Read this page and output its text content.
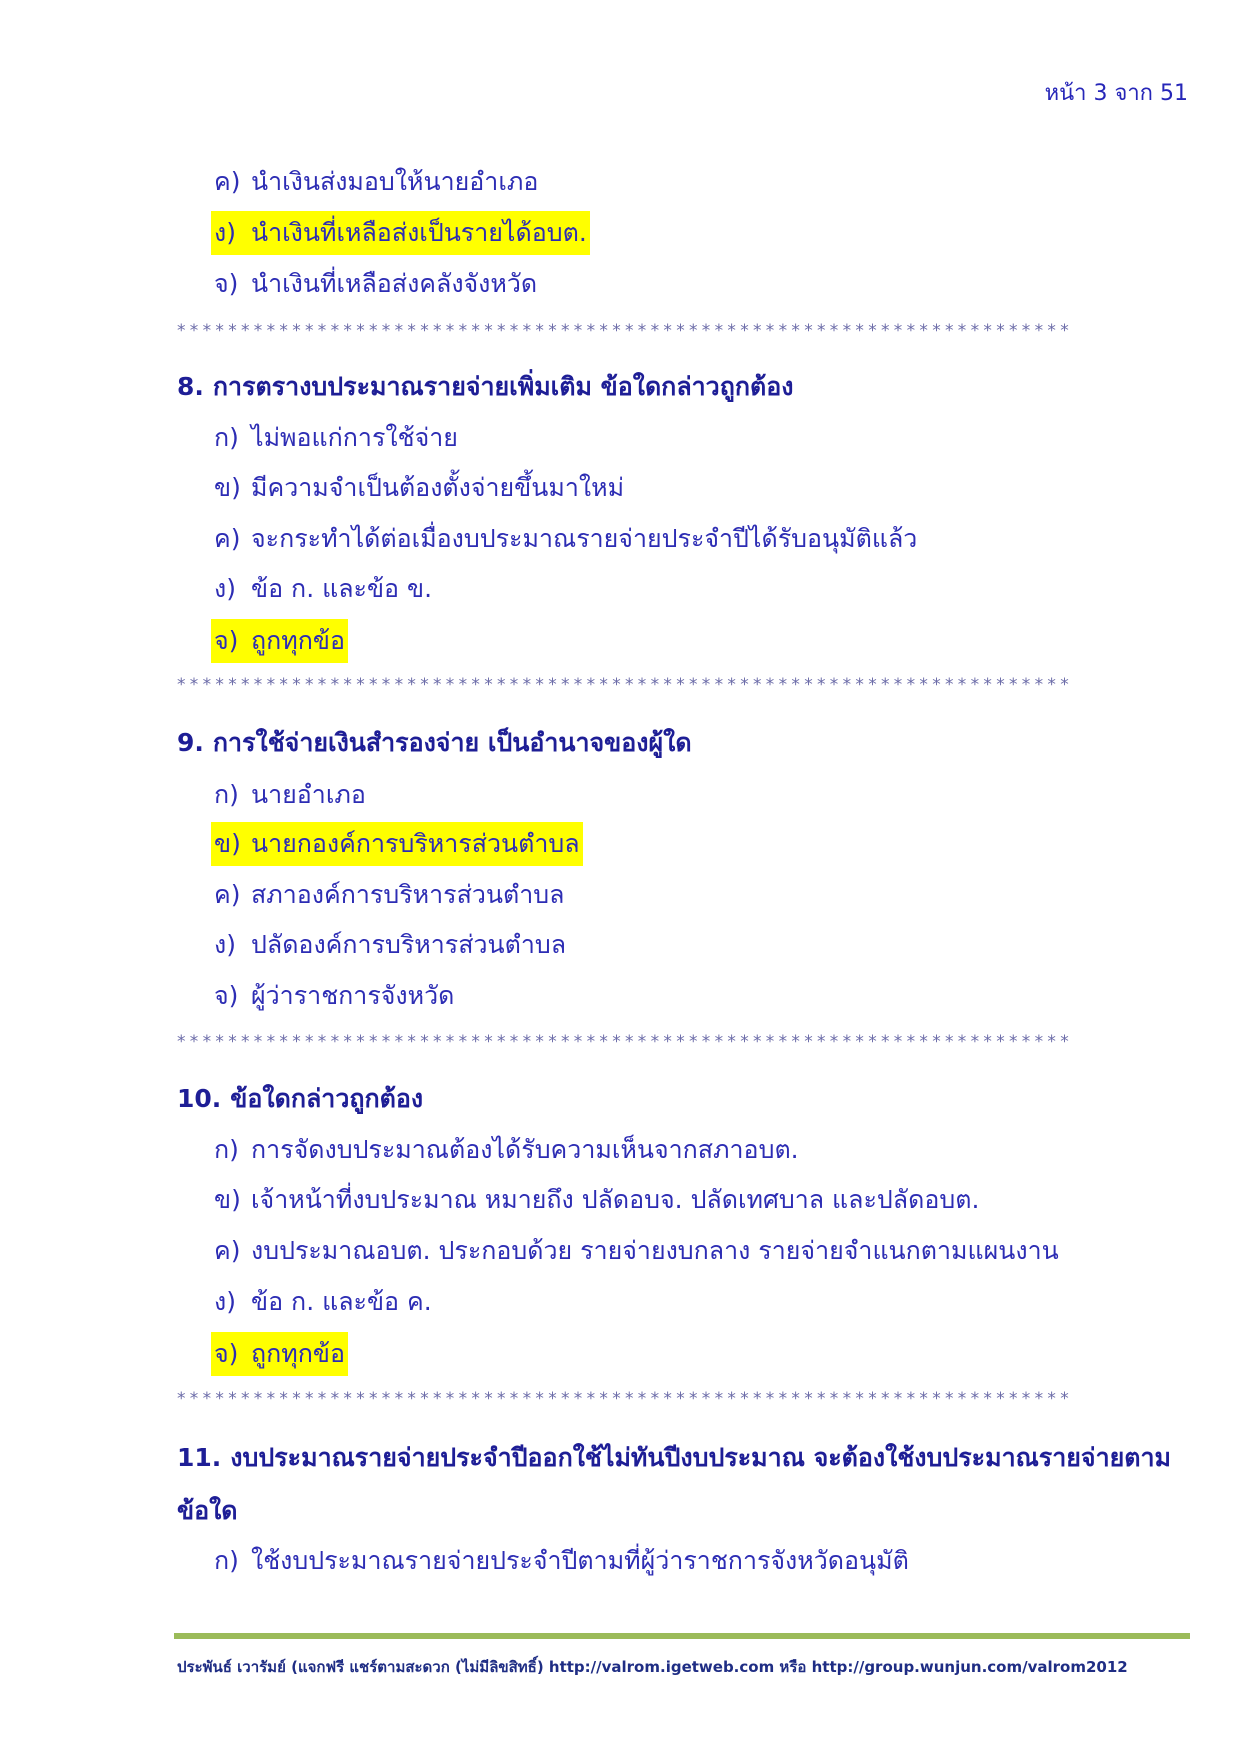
หน้า 3 จาก 51
ค) นำเงินส่งมอบให้นายอำเภอ
ง) นำเงินที่เหลือส่งเป็นรายได้อบต.
จ) นำเงินที่เหลือส่งคลังจังหวัด
**********************************************************************
8. การตรางบประมาณรายจ่ายเพิ่มเติม ข้อใดกล่าวถูกต้อง
ก) ไม่พอแก่การใช้จ่าย
ข) มีความจำเป็นต้องตั้งจ่ายขึ้นมาใหม่
ค) จะกระทำได้ต่อเมื่องบประมาณรายจ่ายประจำปีได้รับอนุมัติแล้ว
ง) ข้อ ก. และข้อ ข.
จ) ถูกทุกข้อ
**********************************************************************
9. การใช้จ่ายเงินสำรองจ่าย เป็นอำนาจของผู้ใด
ก) นายอำเภอ
ข) นายกองค์การบริหารส่วนตำบล
ค) สภาองค์การบริหารส่วนตำบล
ง) ปลัดองค์การบริหารส่วนตำบล
จ) ผู้ว่าราชการจังหวัด
**********************************************************************
10. ข้อใดกล่าวถูกต้อง
ก) การจัดงบประมาณต้องได้รับความเห็นจากสภาอบต.
ข) เจ้าหน้าที่งบประมาณ หมายถึง ปลัดอบจ. ปลัดเทศบาล และปลัดอบต.
ค) งบประมาณอบต. ประกอบด้วย รายจ่ายงบกลาง รายจ่ายจำแนกตามแผนงาน
ง) ข้อ ก. และข้อ ค.
จ) ถูกทุกข้อ
**********************************************************************
11. งบประมาณรายจ่ายประจำปีออกใช้ไม่ทันปีงบประมาณ จะต้องใช้งบประมาณรายจ่ายตามข้อใด
ก) ใช้งบประมาณรายจ่ายประจำปีตามที่ผู้ว่าราชการจังหวัดอนุมัติ
ประพันธ์ เวารัมย์ (แจกฟรี แชร์ตามสะดวก (ไม่มีลิขสิทธิ์) http://valrom.igetweb.com หรือ http://group.wunjun.com/valrom2012
